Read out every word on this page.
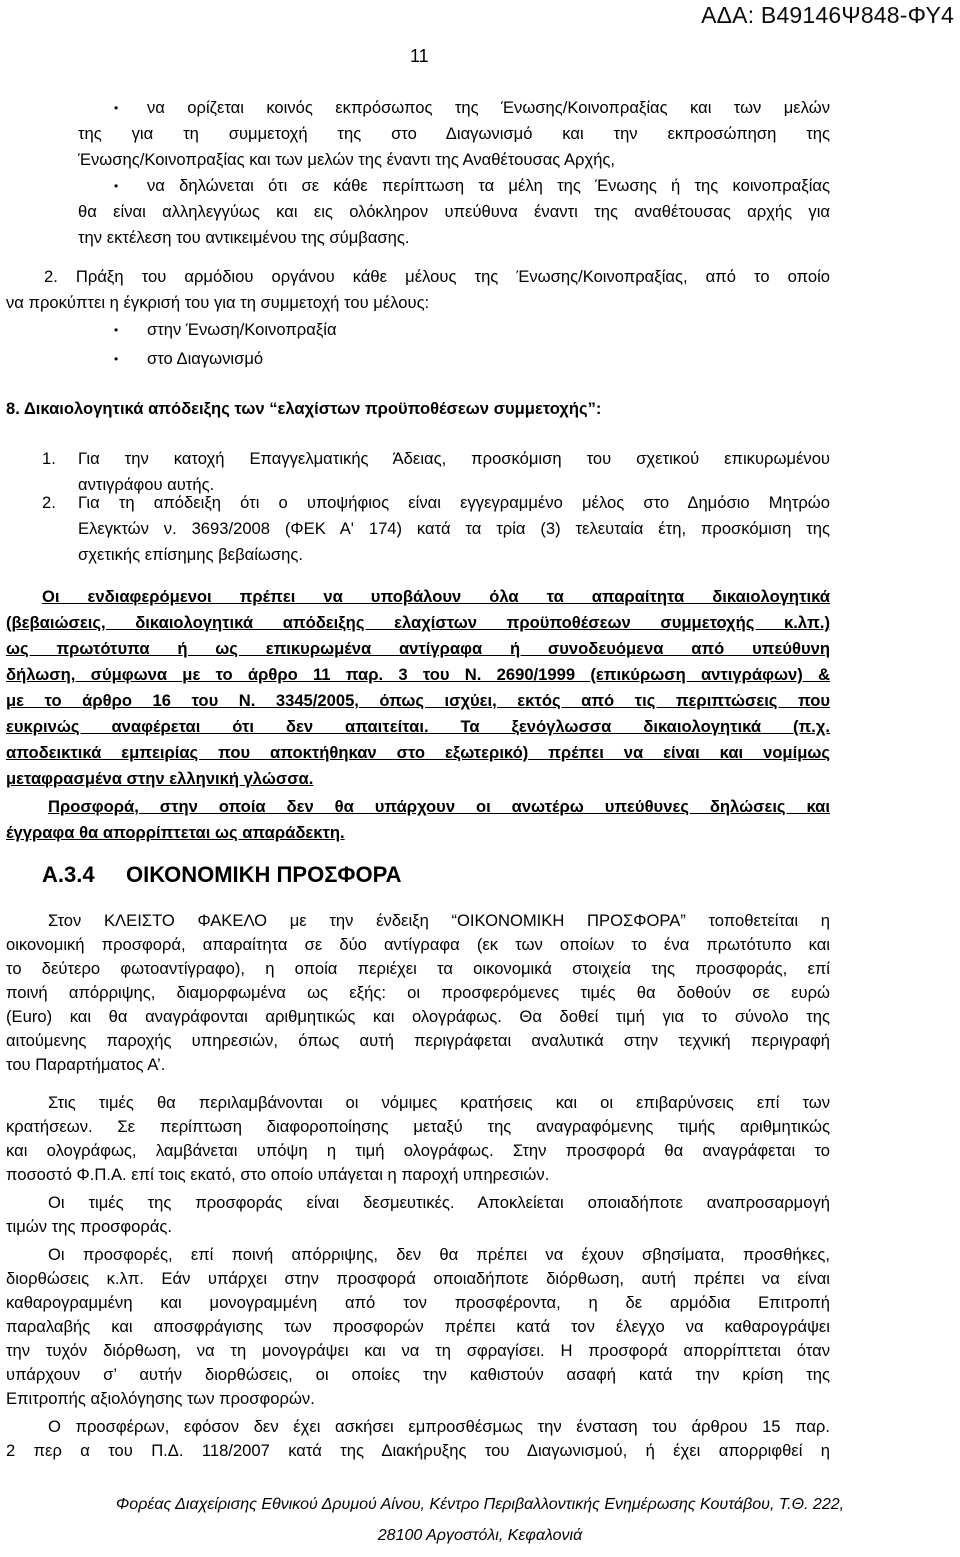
ΑΔΑ: Β49146Ψ848-ΦΥ4
11
• να ορίζεται κοινός εκπρόσωπος της Ένωσης/Κοινοπραξίας και των μελών
της για τη συμμετοχή της στο Διαγωνισμό και την εκπροσώπηση της
Ένωσης/Κοινοπραξίας και των μελών της έναντι της Αναθέτουσας Αρχής,
• να δηλώνεται ότι σε κάθε περίπτωση τα μέλη της Ένωσης ή της κοινοπραξίας
θα είναι αλληλεγγύως και εις ολόκληρον υπεύθυνα έναντι της αναθέτουσας αρχής για
την εκτέλεση του αντικειμένου της σύμβασης.
2. Πράξη του αρμόδιου οργάνου κάθε μέλους της Ένωσης/Κοινοπραξίας, από το οποίο
να προκύπτει η έγκρισή του για τη συμμετοχή του μέλους:
• στην Ένωση/Κοινοπραξία
• στο Διαγωνισμό
8. Δικαιολογητικά απόδειξης των “ελαχίστων προϋποθέσεων συμμετοχής”:
1. Για την κατοχή Επαγγελματικής Άδειας, προσκόμιση του σχετικού επικυρωμένου
αντιγράφου αυτής.
2. Για τη απόδειξη ότι ο υποψήφιος είναι εγγεγραμμένο μέλος στο Δημόσιο Μητρώο
Ελεγκτών ν. 3693/2008 (ΦΕΚ Α' 174) κατά τα τρία (3) τελευταία έτη, προσκόμιση της
σχετικής επίσημης βεβαίωσης.
Οι ενδιαφερόμενοι πρέπει να υποβάλουν όλα τα απαραίτητα δικαιολογητικά
(βεβαιώσεις, δικαιολογητικά απόδειξης ελαχίστων προϋποθέσεων συμμετοχής κ.λπ.)
ως πρωτότυπα ή ως επικυρωμένα αντίγραφα ή συνοδευόμενα από υπεύθυνη
δήλωση, σύμφωνα με το άρθρο 11 παρ. 3 του Ν. 2690/1999 (επικύρωση αντιγράφων) &
με το άρθρο 16 του Ν. 3345/2005, όπως ισχύει, εκτός από τις περιπτώσεις που
ευκρινώς αναφέρεται ότι δεν απαιτείται. Τα ξενόγλωσσα δικαιολογητικά (π.χ.
αποδεικτικά εμπειρίας που αποκτήθηκαν στο εξωτερικό) πρέπει να είναι και νομίμως
μεταφρασμένα στην ελληνική γλώσσα.
Προσφορά, στην οποία δεν θα υπάρχουν οι ανωτέρω υπεύθυνες δηλώσεις και
έγγραφα θα απορρίπτεται ως απαράδεκτη.
Α.3.4 ΟΙΚΟΝΟΜΙΚΗ ΠΡΟΣΦΟΡΑ
Στον ΚΛΕΙΣΤΟ ΦΑΚΕΛΟ με την ένδειξη “ΟΙΚΟΝΟΜΙΚΗ ΠΡΟΣΦΟΡΑ” τοποθετείται η
οικονομική προσφορά, απαραίτητα σε δύο αντίγραφα (εκ των οποίων το ένα πρωτότυπο και
το δεύτερο φωτοαντίγραφο), η οποία περιέχει τα οικονομικά στοιχεία της προσφοράς, επί
ποινή απόρριψης, διαμορφωμένα ως εξής: οι προσφερόμενες τιμές θα δοθούν σε ευρώ
(Euro) και θα αναγράφονται αριθμητικώς και ολογράφως. Θα δοθεί τιμή για το σύνολο της
αιτούμενης παροχής υπηρεσιών, όπως αυτή περιγράφεται αναλυτικά στην τεχνική περιγραφή
του Παραρτήματος Α’.
Στις τιμές θα περιλαμβάνονται οι νόμιμες κρατήσεις και οι επιβαρύνσεις επί των
κρατήσεων. Σε περίπτωση διαφοροποίησης μεταξύ της αναγραφόμενης τιμής αριθμητικώς
και ολογράφως, λαμβάνεται υπόψη η τιμή ολογράφως. Στην προσφορά θα αναγράφεται το
ποσοστό Φ.Π.Α. επί τοις εκατό, στο οποίο υπάγεται η παροχή υπηρεσιών.
Οι τιμές της προσφοράς είναι δεσμευτικές. Αποκλείεται οποιαδήποτε αναπροσαρμογή
τιμών της προσφοράς.
Οι προσφορές, επί ποινή απόρριψης, δεν θα πρέπει να έχουν σβησίματα, προσθήκες,
διορθώσεις κ.λπ. Εάν υπάρχει στην προσφορά οποιαδήποτε διόρθωση, αυτή πρέπει να είναι
καθαρογραμμένη και μονογραμμένη από τον προσφέροντα, η δε αρμόδια Επιτροπή
παραλαβής και αποσφράγισης των προσφορών πρέπει κατά τον έλεγχο να καθαρογράψει
την τυχόν διόρθωση, να τη μονογράψει και να τη σφραγίσει. Η προσφορά απορρίπτεται όταν
υπάρχουν σ’ αυτήν διορθώσεις, οι οποίες την καθιστούν ασαφή κατά την κρίση της
Επιτροπής αξιολόγησης των προσφορών.
Ο προσφέρων, εφόσον δεν έχει ασκήσει εμπροσθέσμως την ένσταση του άρθρου 15 παρ.
2 περ α του Π.Δ. 118/2007 κατά της Διακήρυξης του Διαγωνισμού, ή έχει απορριφθεί η
Φορέας Διαχείρισης Εθνικού Δρυμού Αίνου, Κέντρο Περιβαλλοντικής Ενημέρωσης Κουτάβου, Τ.Θ. 222,
28100 Αργοστόλι, Κεφαλονιά
